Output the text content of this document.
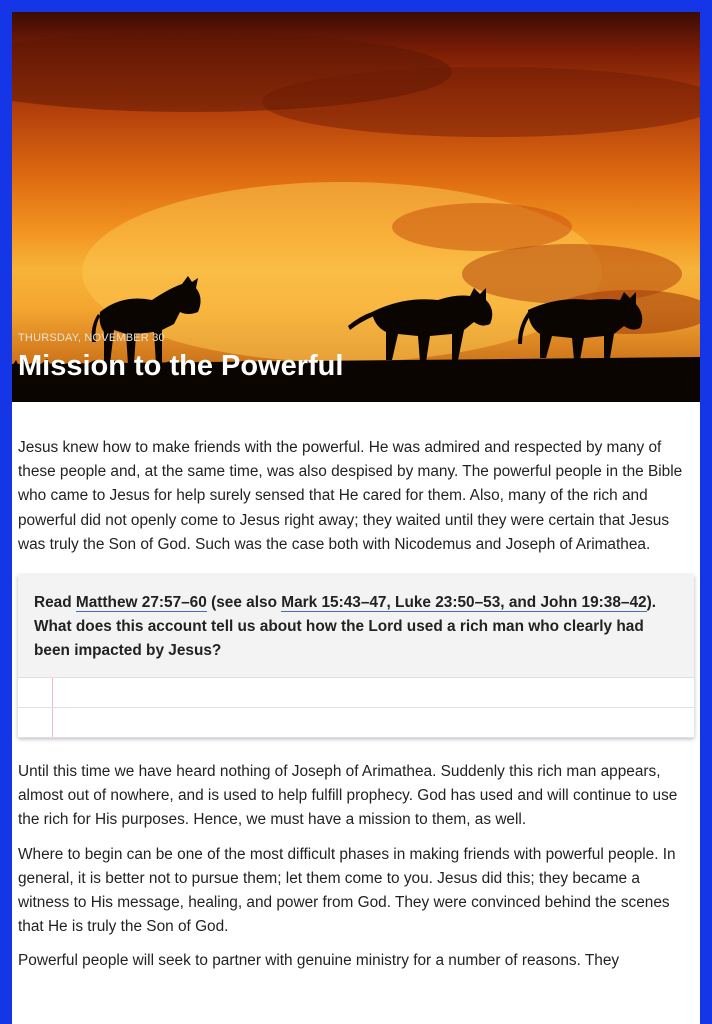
THURSDAY, NOVEMBER 30
Mission to the Powerful

Jesus knew how to make friends with the powerful. He was admired and respected by many of these people and, at the same time, was also despised by many. The powerful people in the Bible who came to Jesus for help surely sensed that He cared for them. Also, many of the rich and powerful did not openly come to Jesus right away; they waited until they were certain that Jesus was truly the Son of God. Such was the case both with Nicodemus and Joseph of Arimathea.

Read Matthew 27:57–60 (see also Mark 15:43–47, Luke 23:50–53, and John 19:38–42). What does this account tell us about how the Lord used a rich man who clearly had been impacted by Jesus?

Until this time we have heard nothing of Joseph of Arimathea. Suddenly this rich man appears, almost out of nowhere, and is used to help fulfill prophecy. God has used and will continue to use the rich for His purposes. Hence, we must have a mission to them, as well.

Where to begin can be one of the most difficult phases in making friends with powerful people. In general, it is better not to pursue them; let them come to you. Jesus did this; they became a witness to His message, healing, and power from God. They were convinced behind the scenes that He is truly the Son of God.

Powerful people will seek to partner with genuine ministry for a number of reasons. They
